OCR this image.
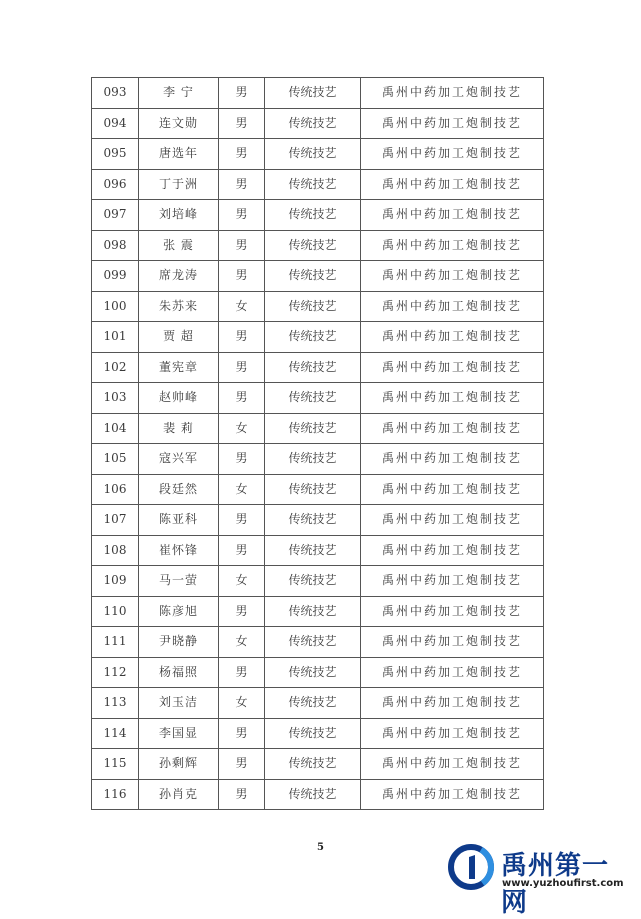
093	李 宁	男	传统技艺	禹州中药加工炮制技艺
094	连文勋	男	传统技艺	禹州中药加工炮制技艺
095	唐选年	男	传统技艺	禹州中药加工炮制技艺
096	丁于洲	男	传统技艺	禹州中药加工炮制技艺
097	刘培峰	男	传统技艺	禹州中药加工炮制技艺
098	张 震	男	传统技艺	禹州中药加工炮制技艺
099	席龙涛	男	传统技艺	禹州中药加工炮制技艺
100	朱苏来	女	传统技艺	禹州中药加工炮制技艺
101	贾 超	男	传统技艺	禹州中药加工炮制技艺
102	董宪章	男	传统技艺	禹州中药加工炮制技艺
103	赵帅峰	男	传统技艺	禹州中药加工炮制技艺
104	裴 莉	女	传统技艺	禹州中药加工炮制技艺
105	寇兴军	男	传统技艺	禹州中药加工炮制技艺
106	段廷然	女	传统技艺	禹州中药加工炮制技艺
107	陈亚科	男	传统技艺	禹州中药加工炮制技艺
108	崔怀锋	男	传统技艺	禹州中药加工炮制技艺
109	马一萤	女	传统技艺	禹州中药加工炮制技艺
110	陈彦旭	男	传统技艺	禹州中药加工炮制技艺
111	尹晓静	女	传统技艺	禹州中药加工炮制技艺
112	杨福照	男	传统技艺	禹州中药加工炮制技艺
113	刘玉洁	女	传统技艺	禹州中药加工炮制技艺
114	李国显	男	传统技艺	禹州中药加工炮制技艺
115	孙剩辉	男	传统技艺	禹州中药加工炮制技艺
116	孙肖克	男	传统技艺	禹州中药加工炮制技艺
5
禹州第一网
www.yuzhoufirst.com
